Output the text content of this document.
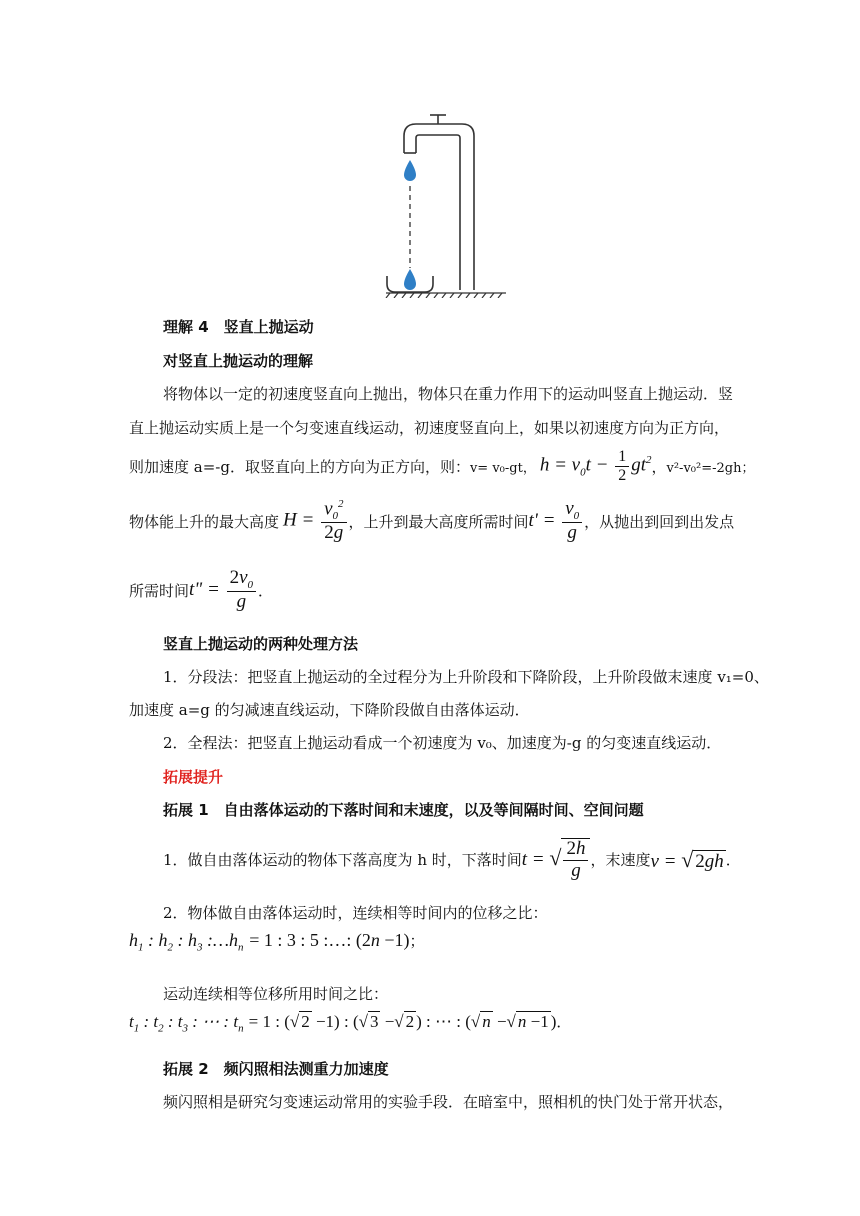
理解 4　竖直上抛运动
对竖直上抛运动的理解
将物体以一定的初速度竖直向上抛出，物体只在重力作用下的运动叫竖直上抛运动．竖
直上抛运动实质上是一个匀变速直线运动，初速度竖直向上，如果以初速度方向为正方向，
则加速度 a=-g．取竖直向上的方向为正方向，则： v= v₀-gt， $h = v_0t - \frac{1}{2} gt^2$ ， v²-v₀²=-2gh；
物体能上升的最大高度 $H = \frac{v_0^2}{2g}$ ，上升到最大高度所需时间 $t' = \frac{v_0}{g}$ ，从抛出到回到出发点
所需时间 t" = $\frac{2v_0}{g}$ ．
竖直上抛运动的两种处理方法
1．分段法：把竖直上抛运动的全过程分为上升阶段和下降阶段，上升阶段做末速度 v₁=0、
加速度 a=g 的匀减速直线运动，下降阶段做自由落体运动．
2．全程法：把竖直上抛运动看成一个初速度为 v₀、加速度为-g 的匀变速直线运动．
拓展提升
拓展 1　自由落体运动的下落时间和末速度，以及等间隔时间、空间问题
1．做自由落体运动的物体下落高度为 h 时，下落时间 t = √ $\frac{2h}{g}$ ，末速度 v = √ 2gh ．
2．物体做自由落体运动时，连续相等时间内的位移之比：
$h_1$ : $h_2$ : $h_3$ $:\dots h_n = 1$ : 3 : 5 :…: (2n −1)；
运动连续相等位移所用时间之比：
$t_1$ : $t_2$ : $t_3$ : ⋯ : $t_n = 1$ : (√ 2 −1) : (√ 3 −√ 2 ) : ⋯ : (√ n −√ n −1 )．
拓展 2　频闪照相法测重力加速度
频闪照相是研究匀变速运动常用的实验手段．在暗室中，照相机的快门处于常开状态，
